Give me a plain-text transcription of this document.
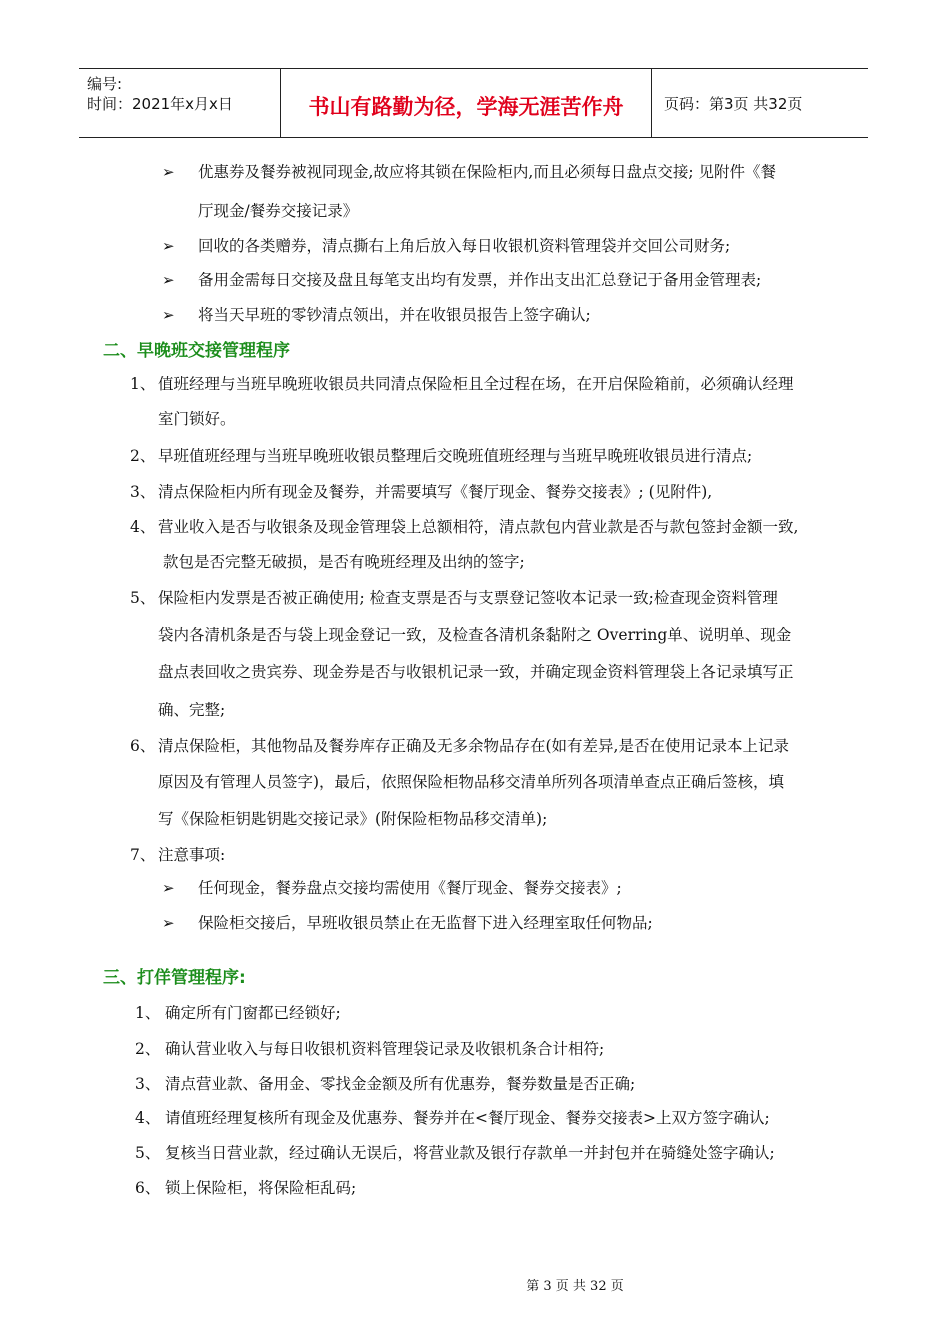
编号:
时间：2021年x月x日	书山有路勤为径，学海无涯苦作舟	页码：第3页 共32页
➢ 优惠券及餐券被视同现金,故应将其锁在保险柜内,而且必须每日盘点交接; 见附件《餐
厅现金/餐券交接记录》
➢ 回收的各类赠券，清点撕右上角后放入每日收银机资料管理袋并交回公司财务;
➢ 备用金需每日交接及盘且每笔支出均有发票，并作出支出汇总登记于备用金管理表;
➢ 将当天早班的零钞清点领出，并在收银员报告上签字确认;
二、早晚班交接管理程序
1、 值班经理与当班早晚班收银员共同清点保险柜且全过程在场，在开启保险箱前，必须确认经理
室门锁好。
2、 早班值班经理与当班早晚班收银员整理后交晚班值班经理与当班早晚班收银员进行清点;
3、 清点保险柜内所有现金及餐券，并需要填写《餐厅现金、餐券交接表》; (见附件),
4、 营业收入是否与收银条及现金管理袋上总额相符，清点款包内营业款是否与款包签封金额一致,
款包是否完整无破损，是否有晚班经理及出纳的签字;
5、 保险柜内发票是否被正确使用; 检查支票是否与支票登记签收本记录一致;检查现金资料管理
袋内各清机条是否与袋上现金登记一致，及检查各清机条黏附之 Overring单、说明单、现金
盘点表回收之贵宾券、现金券是否与收银机记录一致，并确定现金资料管理袋上各记录填写正
确、完整;
6、 清点保险柜，其他物品及餐券库存正确及无多余物品存在(如有差异,是否在使用记录本上记录
原因及有管理人员签字)，最后，依照保险柜物品移交清单所列各项清单查点正确后签核，填
写《保险柜钥匙钥匙交接记录》(附保险柜物品移交清单);
7、 注意事项:
➢ 任何现金，餐券盘点交接均需使用《餐厅现金、餐券交接表》;
➢ 保险柜交接后，早班收银员禁止在无监督下进入经理室取任何物品;
三、打佯管理程序:
1、 确定所有门窗都已经锁好;
2、 确认营业收入与每日收银机资料管理袋记录及收银机条合计相符;
3、 清点营业款、备用金、零找金金额及所有优惠券，餐券数量是否正确;
4、 请值班经理复核所有现金及优惠券、餐券并在<餐厅现金、餐券交接表>上双方签字确认;
5、 复核当日营业款，经过确认无误后，将营业款及银行存款单一并封包并在骑缝处签字确认;
6、 锁上保险柜，将保险柜乱码;
第 3 页 共 32 页
